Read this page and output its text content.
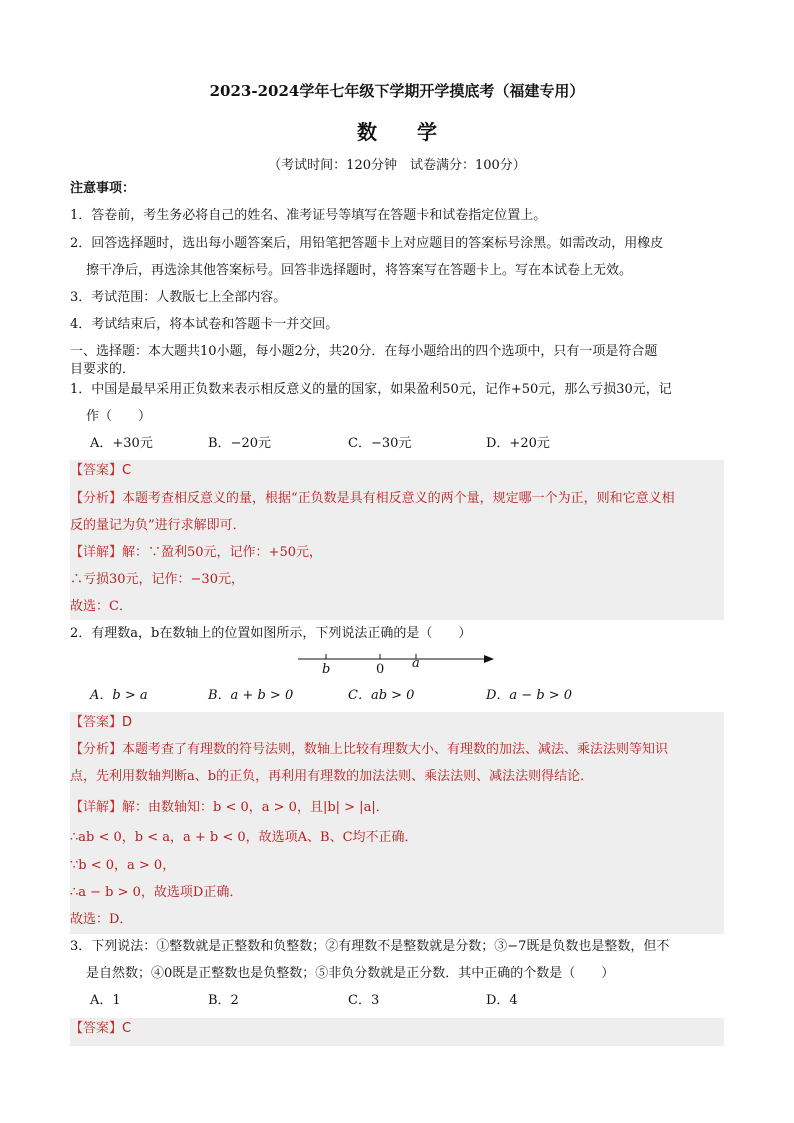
2023-2024学年七年级下学期开学摸底考（福建专用）
数　　学
（考试时间：120分钟　试卷满分：100分）
注意事项：
1．答卷前，考生务必将自己的姓名、准考证号等填写在答题卡和试卷指定位置上。
2．回答选择题时，选出每小题答案后，用铅笔把答题卡上对应题目的答案标号涂黑。如需改动，用橡皮
擦干净后，再选涂其他答案标号。回答非选择题时，将答案写在答题卡上。写在本试卷上无效。
3．考试范围：人教版七上全部内容。
4．考试结束后，将本试卷和答题卡一并交回。
一、选择题：本大题共10小题，每小题2分，共20分．在每小题给出的四个选项中，只有一项是符合题
目要求的．
1．中国是最早采用正负数来表示相反意义的量的国家，如果盈利50元，记作+50元，那么亏损30元，记
作（　　）
A．+30元	B．−20元	C．−30元	D．+20元
【答案】C
【分析】本题考查相反意义的量，根据“正负数是具有相反意义的两个量，规定哪一个为正，则和它意义相
反的量记为负”进行求解即可．
【详解】解：∵盈利50元，记作：+50元，
∴亏损30元，记作：−30元，
故选：C．
2．有理数a，b在数轴上的位置如图所示，下列说法正确的是（　　）
b	0 a
A．b > a	B．a + b > 0	C．ab > 0	D．a − b > 0
【答案】D
【分析】本题考查了有理数的符号法则，数轴上比较有理数大小、有理数的加法、减法、乘法法则等知识
点，先利用数轴判断a、b的正负，再利用有理数的加法法则、乘法法则、减法法则得结论．
【详解】解：由数轴知：b < 0，a > 0，且|b| > |a|．
∴ab < 0，b < a，a + b < 0，故选项A、B、C均不正确．
∵b < 0，a > 0，
∴a − b > 0，故选项D正确．
故选：D．
3．下列说法：①整数就是正整数和负整数；②有理数不是整数就是分数；③−7既是负数也是整数，但不
是自然数；④0既是正整数也是负整数；⑤非负分数就是正分数．其中正确的个数是（　　）
A．1	B．2	C．3	D．4
【答案】C
